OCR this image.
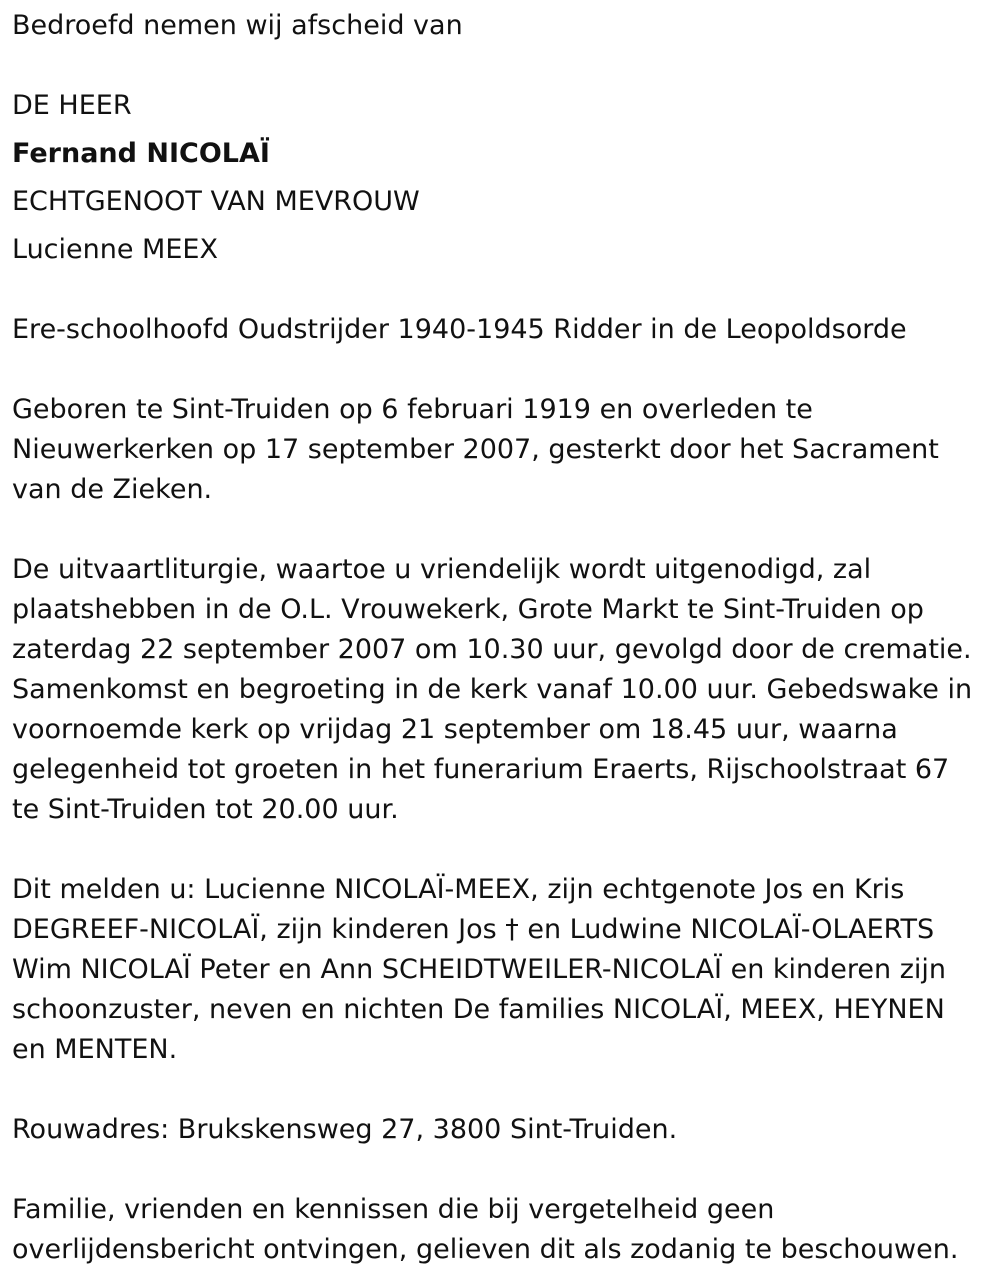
Bedroefd nemen wij afscheid van
DE HEER
Fernand NICOLAÏ
ECHTGENOOT VAN MEVROUW
Lucienne MEEX
Ere-schoolhoofd Oudstrijder 1940-1945 Ridder in de Leopoldsorde
Geboren te Sint-Truiden op 6 februari 1919 en overleden te Nieuwerkerken op 17 september 2007, gesterkt door het Sacrament van de Zieken.
De uitvaartliturgie, waartoe u vriendelijk wordt uitgenodigd, zal plaatshebben in de O.L. Vrouwekerk, Grote Markt te Sint-Truiden op zaterdag 22 september 2007 om 10.30 uur, gevolgd door de crematie. Samenkomst en begroeting in de kerk vanaf 10.00 uur. Gebedswake in voornoemde kerk op vrijdag 21 september om 18.45 uur, waarna gelegenheid tot groeten in het funerarium Eraerts, Rijschoolstraat 67 te Sint-Truiden tot 20.00 uur.
Dit melden u: Lucienne NICOLAÏ-MEEX, zijn echtgenote Jos en Kris DEGREEF-NICOLAÏ, zijn kinderen Jos † en Ludwine NICOLAÏ-OLAERTS Wim NICOLAÏ Peter en Ann SCHEIDTWEILER-NICOLAÏ en kinderen zijn schoonzuster, neven en nichten De families NICOLAÏ, MEEX, HEYNEN en MENTEN.
Rouwadres: Brukskensweg 27, 3800 Sint-Truiden.
Familie, vrienden en kennissen die bij vergetelheid geen overlijdensbericht ontvingen, gelieven dit als zodanig te beschouwen.
